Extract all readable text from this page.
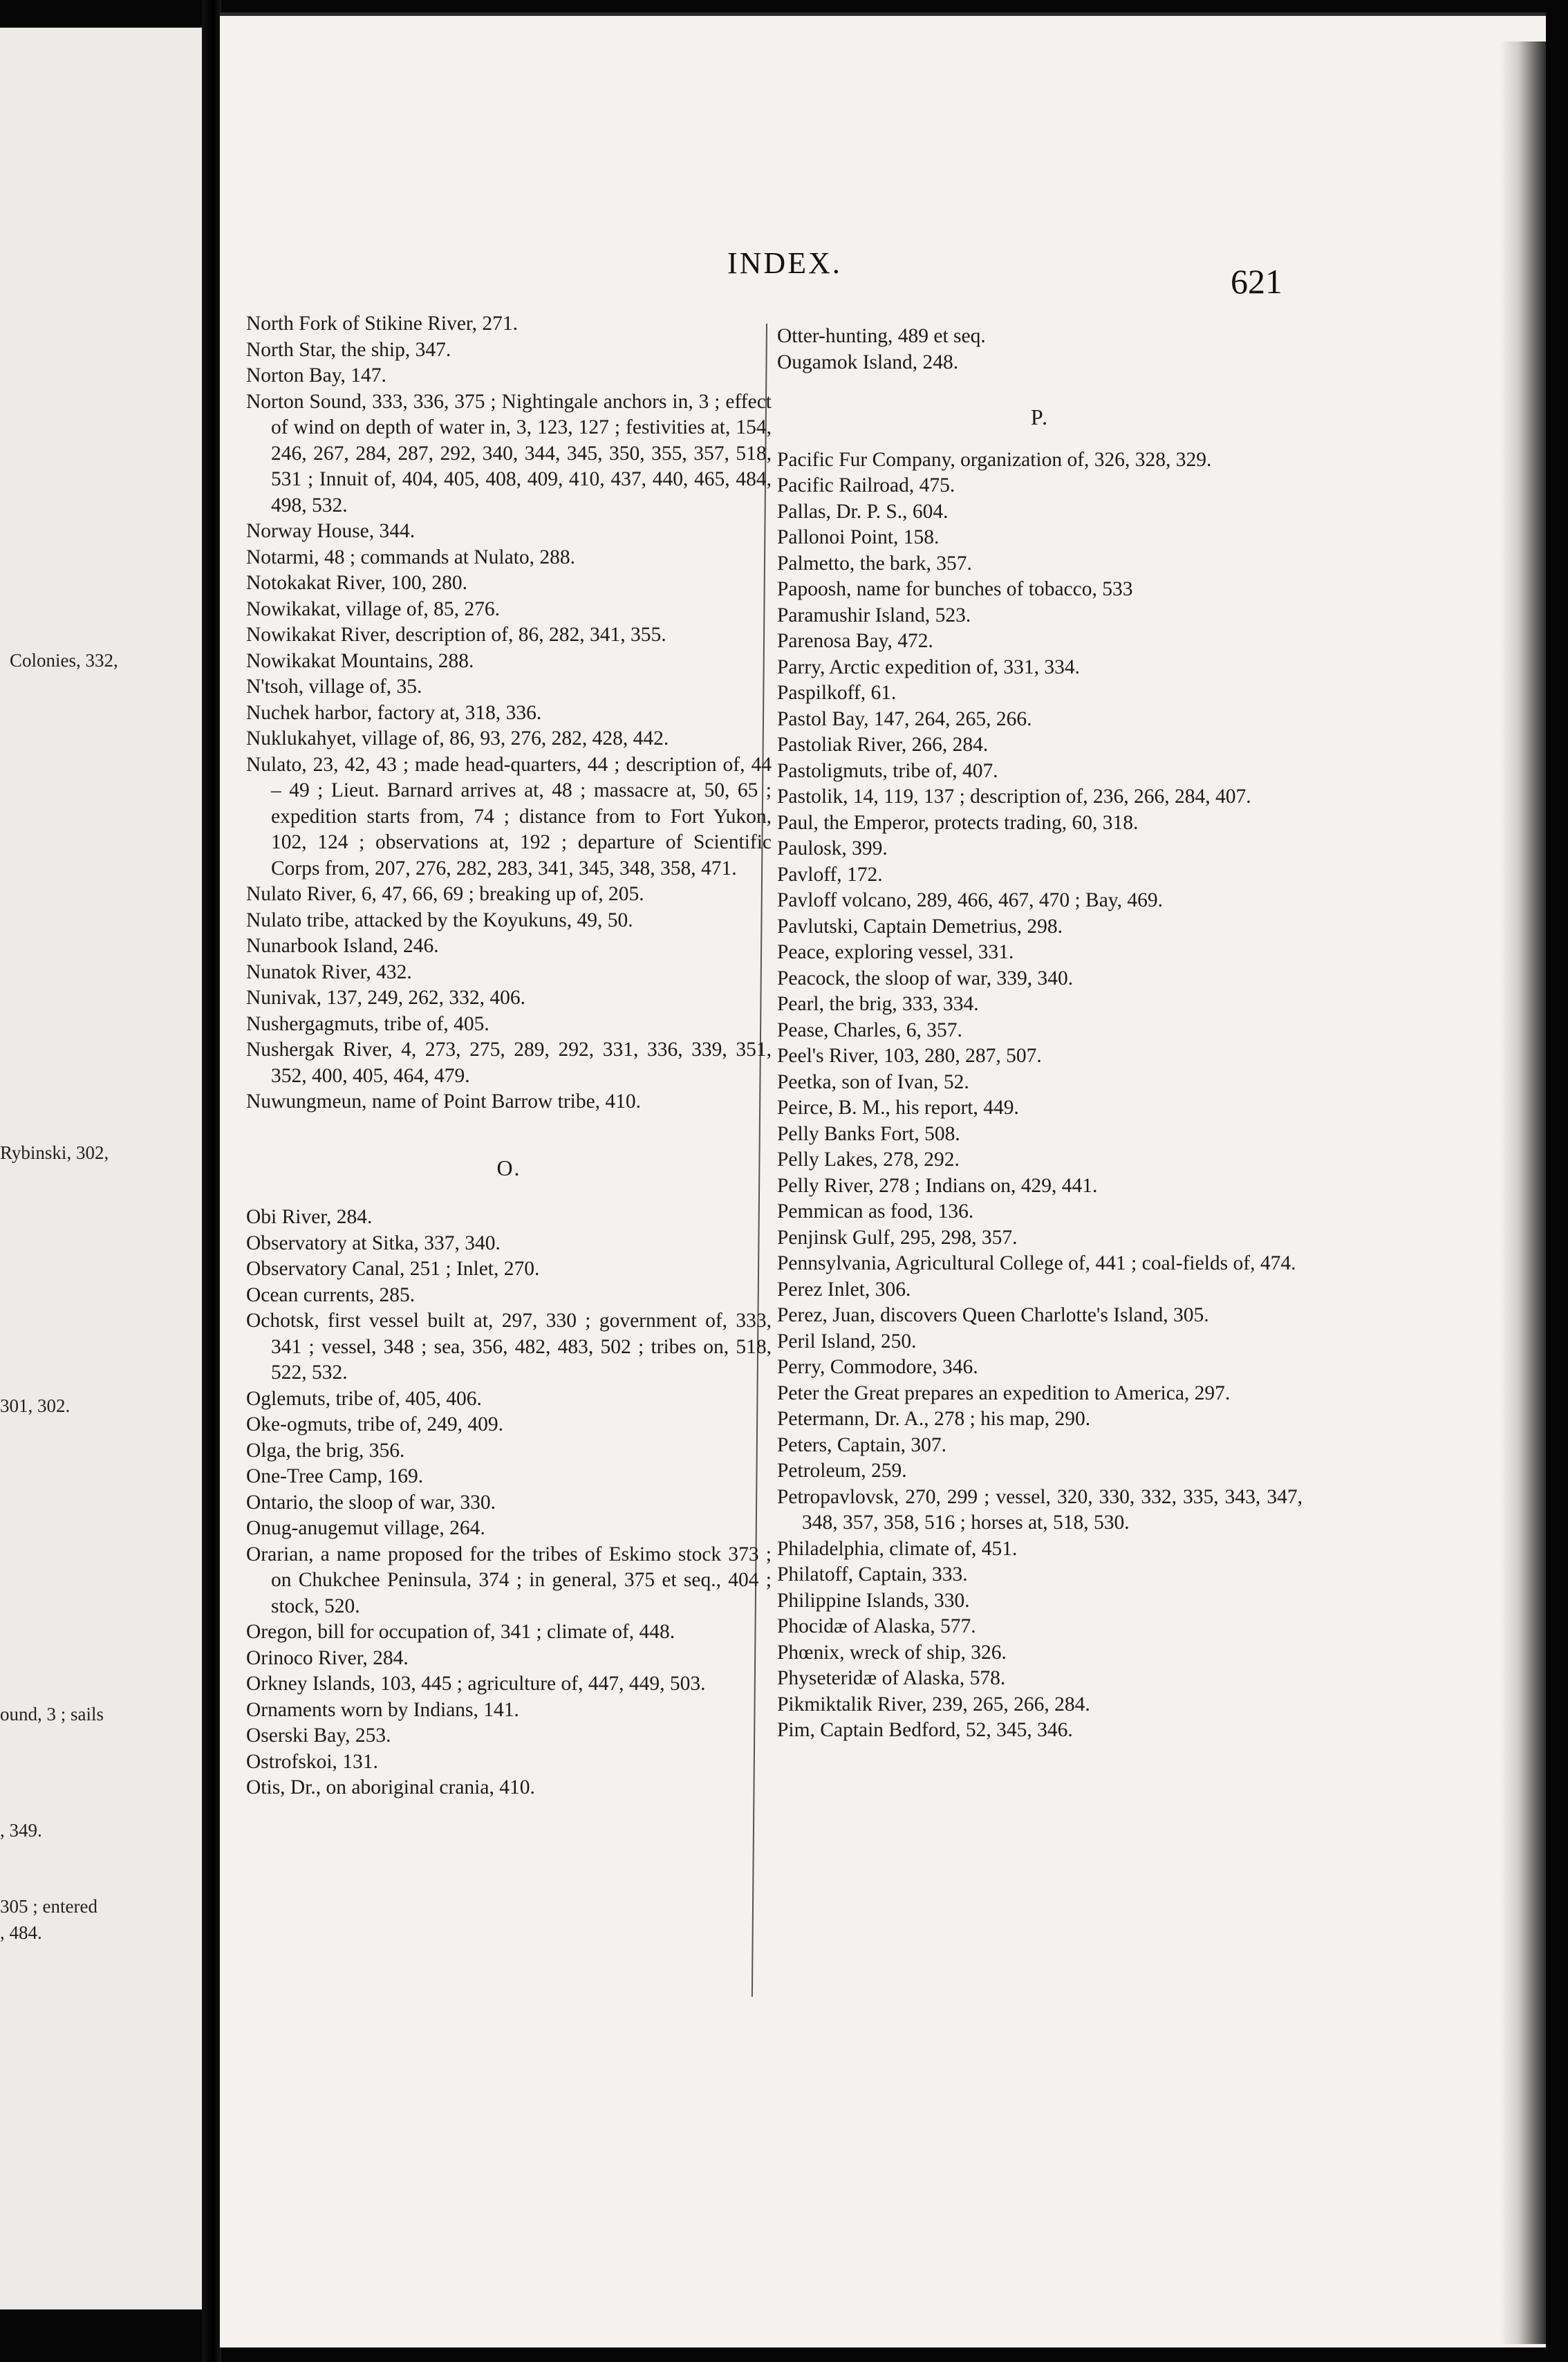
Colonies, 332,
Rybinski, 302,
301, 302.
ound, 3 ; sails
, 349.
305 ; entered
, 484.
INDEX.	621
North Fork of Stikine River, 271.
North Star, the ship, 347.
Norton Bay, 147.
Norton Sound, 333, 336, 375 ; Nightingale anchors in, 3 ; effect of wind on depth of water in, 3, 123, 127 ; festivities at, 154, 246, 267, 284, 287, 292, 340, 344, 345, 350, 355, 357, 518, 531 ; Innuit of, 404, 405, 408, 409, 410, 437, 440, 465, 484, 498, 532.
Norway House, 344.
Notarmi, 48 ; commands at Nulato, 288.
Notokakat River, 100, 280.
Nowikakat, village of, 85, 276.
Nowikakat River, description of, 86, 282, 341, 355.
Nowikakat Mountains, 288.
N'tsoh, village of, 35.
Nuchek harbor, factory at, 318, 336.
Nuklukahyet, village of, 86, 93, 276, 282, 428, 442.
Nulato, 23, 42, 43 ; made head-quarters, 44 ; description of, 44 – 49 ; Lieut. Barnard arrives at, 48 ; massacre at, 50, 65 ; expedition starts from, 74 ; distance from to Fort Yukon, 102, 124 ; observations at, 192 ; departure of Scientific Corps from, 207, 276, 282, 283, 341, 345, 348, 358, 471.
Nulato River, 6, 47, 66, 69 ; breaking up of, 205.
Nulato tribe, attacked by the Koyukuns, 49, 50.
Nunarbook Island, 246.
Nunatok River, 432.
Nunivak, 137, 249, 262, 332, 406.
Nushergagmuts, tribe of, 405.
Nushergak River, 4, 273, 275, 289, 292, 331, 336, 339, 351, 352, 400, 405, 464, 479.
Nuwungmeun, name of Point Barrow tribe, 410.
O.
Obi River, 284.
Observatory at Sitka, 337, 340.
Observatory Canal, 251 ; Inlet, 270.
Ocean currents, 285.
Ochotsk, first vessel built at, 297, 330 ; government of, 333, 341 ; vessel, 348 ; sea, 356, 482, 483, 502 ; tribes on, 518, 522, 532.
Oglemuts, tribe of, 405, 406.
Oke-ogmuts, tribe of, 249, 409.
Olga, the brig, 356.
One-Tree Camp, 169.
Ontario, the sloop of war, 330.
Onug-anugemut village, 264.
Orarian, a name proposed for the tribes of Eskimo stock 373 ; on Chukchee Peninsula, 374 ; in general, 375 et seq., 404 ; stock, 520.
Oregon, bill for occupation of, 341 ; climate of, 448.
Orinoco River, 284.
Orkney Islands, 103, 445 ; agriculture of, 447, 449, 503.
Ornaments worn by Indians, 141.
Oserski Bay, 253.
Ostrofskoi, 131.
Otis, Dr., on aboriginal crania, 410.
Otter-hunting, 489 et seq.
Ougamok Island, 248.
P.
Pacific Fur Company, organization of, 326, 328, 329.
Pacific Railroad, 475.
Pallas, Dr. P. S., 604.
Pallonoi Point, 158.
Palmetto, the bark, 357.
Papoosh, name for bunches of tobacco, 533
Paramushir Island, 523.
Parenosa Bay, 472.
Parry, Arctic expedition of, 331, 334.
Paspilkoff, 61.
Pastol Bay, 147, 264, 265, 266.
Pastoliak River, 266, 284.
Pastoligmuts, tribe of, 407.
Pastolik, 14, 119, 137 ; description of, 236, 266, 284, 407.
Paul, the Emperor, protects trading, 60, 318.
Paulosk, 399.
Pavloff, 172.
Pavloff volcano, 289, 466, 467, 470 ; Bay, 469.
Pavlutski, Captain Demetrius, 298.
Peace, exploring vessel, 331.
Peacock, the sloop of war, 339, 340.
Pearl, the brig, 333, 334.
Pease, Charles, 6, 357.
Peel's River, 103, 280, 287, 507.
Peetka, son of Ivan, 52.
Peirce, B. M., his report, 449.
Pelly Banks Fort, 508.
Pelly Lakes, 278, 292.
Pelly River, 278 ; Indians on, 429, 441.
Pemmican as food, 136.
Penjinsk Gulf, 295, 298, 357.
Pennsylvania, Agricultural College of, 441 ; coal-fields of, 474.
Perez Inlet, 306.
Perez, Juan, discovers Queen Charlotte's Island, 305.
Peril Island, 250.
Perry, Commodore, 346.
Peter the Great prepares an expedition to America, 297.
Petermann, Dr. A., 278 ; his map, 290.
Peters, Captain, 307.
Petroleum, 259.
Petropavlovsk, 270, 299 ; vessel, 320, 330, 332, 335, 343, 347, 348, 357, 358, 516 ; horses at, 518, 530.
Philadelphia, climate of, 451.
Philatoff, Captain, 333.
Philippine Islands, 330.
Phocidæ of Alaska, 577.
Phœnix, wreck of ship, 326.
Physeteridæ of Alaska, 578.
Pikmiktalik River, 239, 265, 266, 284.
Pim, Captain Bedford, 52, 345, 346.
